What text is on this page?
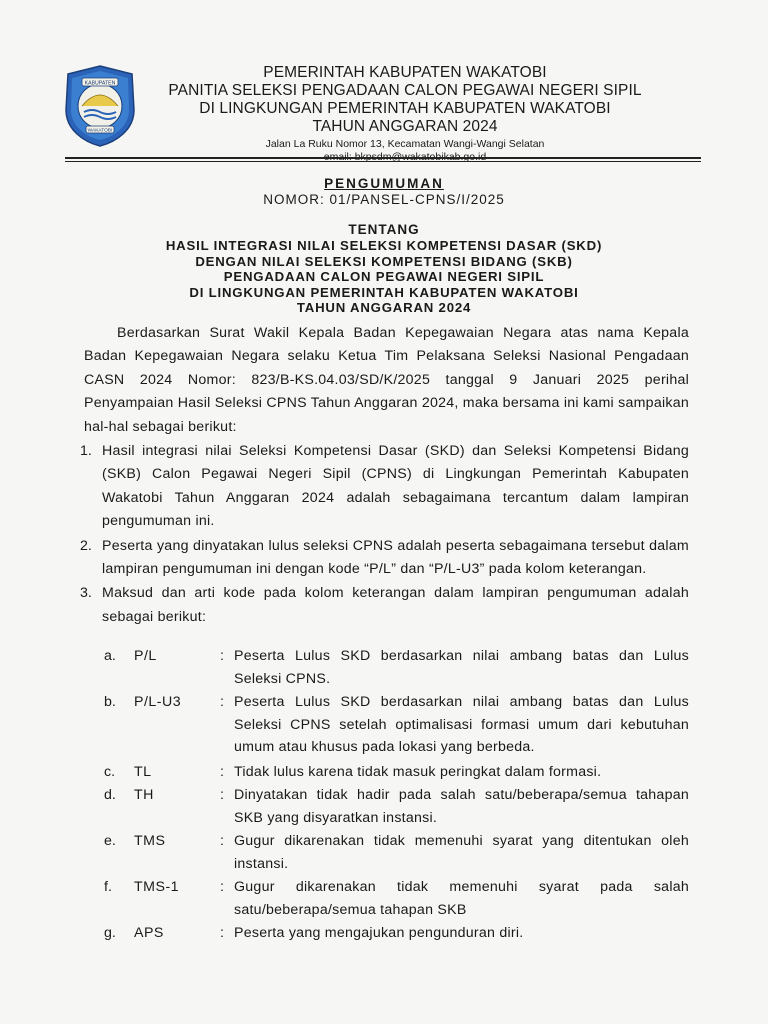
KABUPATEN
WAKATOBI
PEMERINTAH KABUPATEN WAKATOBI
PANITIA SELEKSI PENGADAAN CALON PEGAWAI NEGERI SIPIL
DI LINGKUNGAN PEMERINTAH KABUPATEN WAKATOBI
TAHUN ANGGARAN 2024
Jalan La Ruku Nomor 13, Kecamatan Wangi-Wangi Selatan
email: bkpsdm@wakatobikab.go.id
PENGUMUMAN
NOMOR: 01/PANSEL-CPNS/I/2025
TENTANG
HASIL INTEGRASI NILAI SELEKSI KOMPETENSI DASAR (SKD)
DENGAN NILAI SELEKSI KOMPETENSI BIDANG (SKB)
PENGADAAN CALON PEGAWAI NEGERI SIPIL
DI LINGKUNGAN PEMERINTAH KABUPATEN WAKATOBI
TAHUN ANGGARAN 2024
Berdasarkan Surat Wakil Kepala Badan Kepegawaian Negara atas nama Kepala Badan Kepegawaian Negara selaku Ketua Tim Pelaksana Seleksi Nasional Pengadaan CASN 2024 Nomor: 823/B-KS.04.03/SD/K/2025 tanggal 9 Januari 2025 perihal Penyampaian Hasil Seleksi CPNS Tahun Anggaran 2024, maka bersama ini kami sampaikan hal-hal sebagai berikut:
1. Hasil integrasi nilai Seleksi Kompetensi Dasar (SKD) dan Seleksi Kompetensi Bidang (SKB) Calon Pegawai Negeri Sipil (CPNS) di Lingkungan Pemerintah Kabupaten Wakatobi Tahun Anggaran 2024 adalah sebagaimana tercantum dalam lampiran pengumuman ini.
2. Peserta yang dinyatakan lulus seleksi CPNS adalah peserta sebagaimana tersebut dalam lampiran pengumuman ini dengan kode “P/L” dan “P/L-U3” pada kolom keterangan.
3. Maksud dan arti kode pada kolom keterangan dalam lampiran pengumuman adalah sebagai berikut:
a.	P/L	: Peserta Lulus SKD berdasarkan nilai ambang batas dan Lulus Seleksi CPNS.
b.	P/L-U3	: Peserta Lulus SKD berdasarkan nilai ambang batas dan Lulus Seleksi CPNS setelah optimalisasi formasi umum dari kebutuhan umum atau khusus pada lokasi yang berbeda.
c.	TL	: Tidak lulus karena tidak masuk peringkat dalam formasi.
d.	TH	: Dinyatakan tidak hadir pada salah satu/beberapa/semua tahapan SKB yang disyaratkan instansi.
e.	TMS	: Gugur dikarenakan tidak memenuhi syarat yang ditentukan oleh instansi.
f.	TMS-1	: Gugur dikarenakan tidak memenuhi syarat pada salah satu/beberapa/semua tahapan SKB
g.	APS	: Peserta yang mengajukan pengunduran diri.
